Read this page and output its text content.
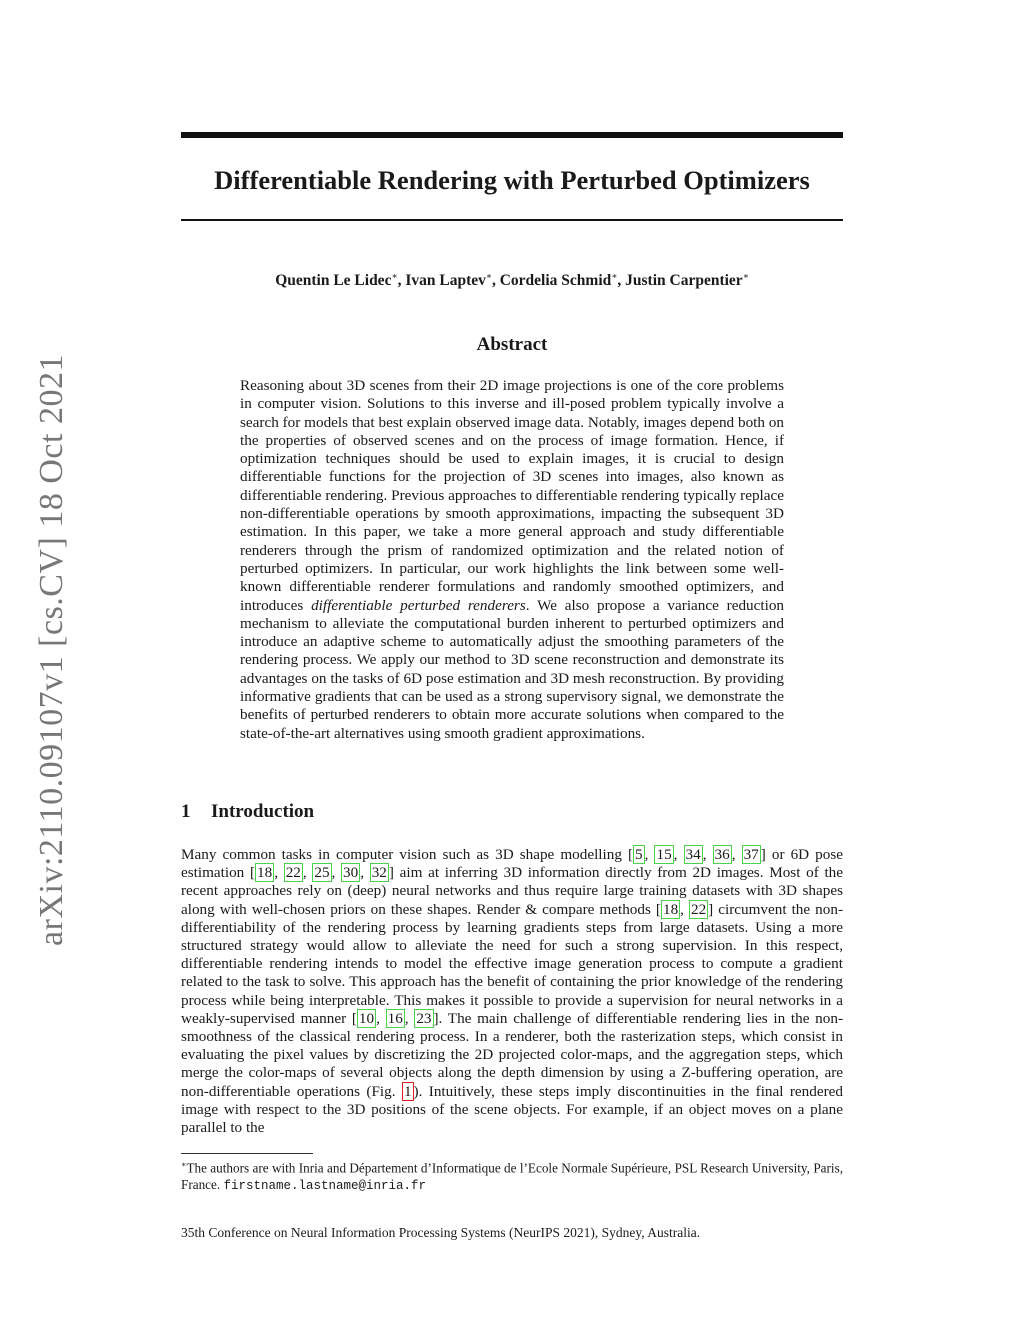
Differentiable Rendering with Perturbed Optimizers
Quentin Le Lidec∗, Ivan Laptev∗, Cordelia Schmid∗, Justin Carpentier∗
arXiv:2110.09107v1 [cs.CV] 18 Oct 2021
Abstract

Reasoning about 3D scenes from their 2D image projections is one of the core problems in computer vision. Solutions to this inverse and ill-posed problem typically involve a search for models that best explain observed image data. Notably, images depend both on the properties of observed scenes and on the process of image formation. Hence, if optimization techniques should be used to explain images, it is crucial to design differentiable functions for the projection of 3D scenes into images, also known as differentiable rendering. Previous approaches to differentiable rendering typically replace non-differentiable operations by smooth approximations, impacting the subsequent 3D estimation. In this paper, we take a more general approach and study differentiable renderers through the prism of randomized optimization and the related notion of perturbed optimizers. In particular, our work highlights the link between some well-known differentiable renderer formulations and randomly smoothed optimizers, and introduces differentiable perturbed renderers. We also propose a variance reduction mechanism to alleviate the computational burden inherent to perturbed optimizers and introduce an adaptive scheme to automatically adjust the smoothing parameters of the rendering process. We apply our method to 3D scene reconstruction and demonstrate its advantages on the tasks of 6D pose estimation and 3D mesh reconstruction. By providing informative gradients that can be used as a strong supervisory signal, we demonstrate the benefits of perturbed renderers to obtain more accurate solutions when compared to the state-of-the-art alternatives using smooth gradient approximations.

1 Introduction

Many common tasks in computer vision such as 3D shape modelling [ 5 , 15 , 34 , 36 , 37 ] or 6D pose estimation [ 18 , 22 , 25 , 30 , 32 ] aim at inferring 3D information directly from 2D images. Most of the recent approaches rely on (deep) neural networks and thus require large training datasets with 3D shapes along with well-chosen priors on these shapes. Render & compare methods [ 18 , 22 ] circumvent the non-differentiability of the rendering process by learning gradients steps from large datasets. Using a more structured strategy would allow to alleviate the need for such a strong supervision. In this respect, differentiable rendering intends to model the effective image generation process to compute a gradient related to the task to solve. This approach has the benefit of containing the prior knowledge of the rendering process while being interpretable. This makes it possible to provide a supervision for neural networks in a weakly-supervised manner [ 10 , 16 , 23 ]. The main challenge of differentiable rendering lies in the non-smoothness of the classical rendering process. In a renderer, both the rasterization steps, which consist in evaluating the pixel values by discretizing the 2D projected color-maps, and the aggregation steps, which merge the color-maps of several objects along the depth dimension by using a Z-buffering operation, are non-differentiable operations (Fig. 1 ). Intuitively, these steps imply discontinuities in the final rendered image with respect to the 3D positions of the scene objects. For example, if an object moves on a plane parallel to the

∗The authors are with Inria and Département d’Informatique de l’Ecole Normale Supérieure, PSL Research University, Paris, France. firstname.lastname@inria.fr

35th Conference on Neural Information Processing Systems (NeurIPS 2021), Sydney, Australia.
